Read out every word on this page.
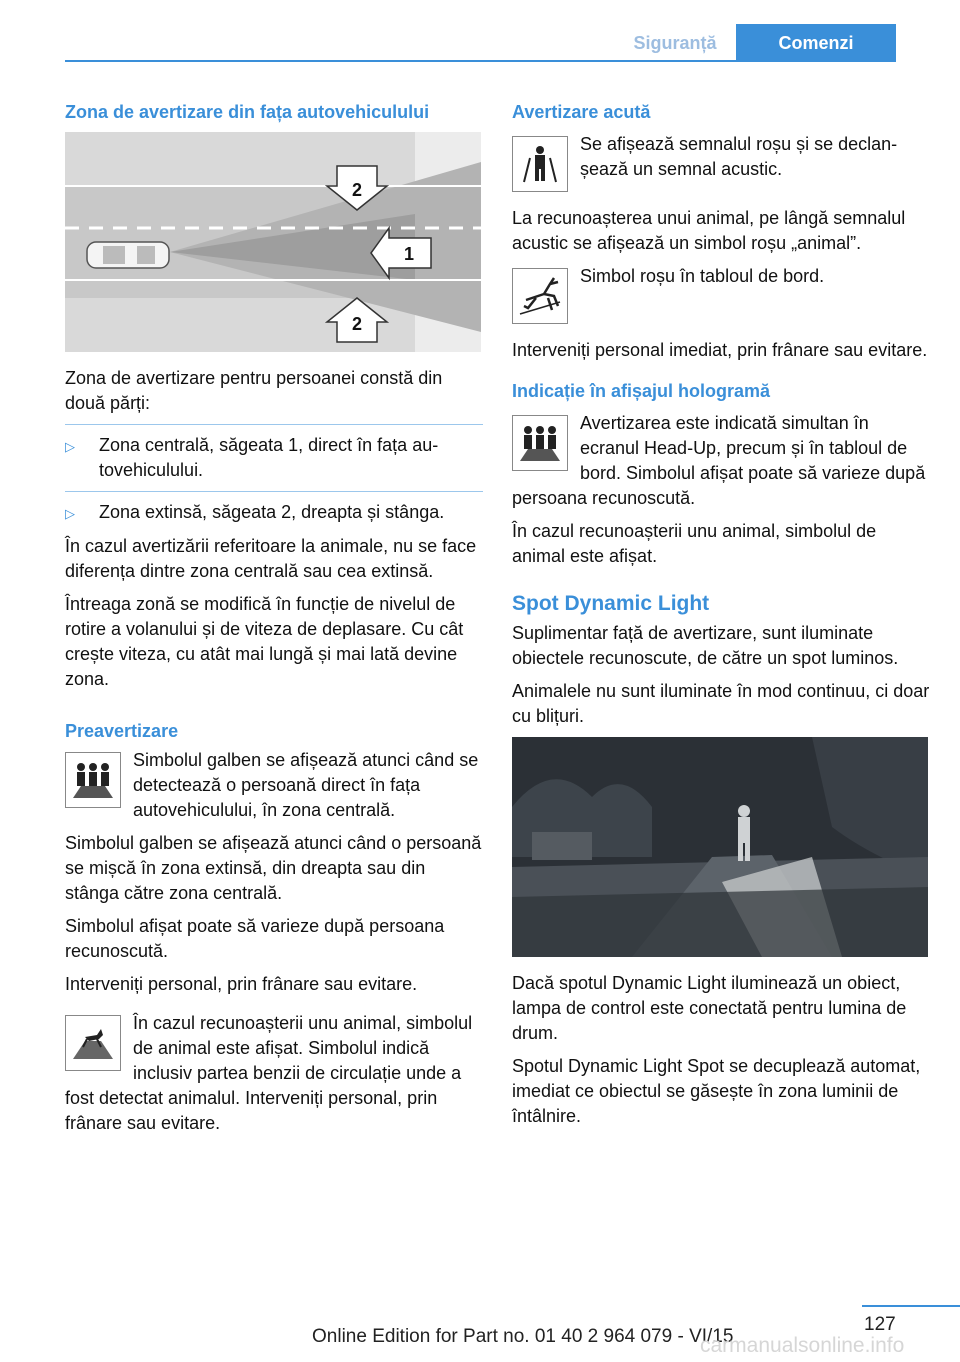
Siguranță	Comenzi
Zona de avertizare din fața autovehiculului
2
1
2

Zona de avertizare pentru persoanei constă din două părți:

▷	Zona centrală, săgeata 1, direct în fața autovehiculului.
▷	Zona extinsă, săgeata 2, dreapta și stânga.

În cazul avertizării referitoare la animale, nu se face diferența dintre zona centrală sau cea extinsă.

Întreaga zonă se modifică în funcție de nivelul de rotire a volanului și de viteza de deplasare. Cu cât crește viteza, cu atât mai lungă și mai lată devine zona.

Preavertizare

Simbolul galben se afișează atunci când se detectează o persoană direct în fața autovehiculului, în zona centrală.

Simbolul galben se afișează atunci când o persoană se mișcă în zona extinsă, din dreapta sau din stânga către zona centrală.

Simbolul afișat poate să varieze după persoana recunoscută.

Interveniți personal, prin frânare sau evitare.

În cazul recunoașterii unu animal, simbolul de animal este afișat. Simbolul indică inclusiv partea benzii de circulație unde a fost detectat animalul. Interveniți personal, prin frânare sau evitare.

Avertizare acută

Se afișează semnalul roșu și se declanșează un semnal acustic.

La recunoașterea unui animal, pe lângă semnalul acustic se afișează un simbol roșu „animal”.

Simbol roșu în tabloul de bord.

Interveniți personal imediat, prin frânare sau evitare.

Indicație în afișajul hologramă

Avertizarea este indicată simultan în ecranul Head-Up, precum și în tabloul de bord. Simbolul afișat poate să varieze după persoana recunoscută.

În cazul recunoașterii unu animal, simbolul de animal este afișat.

Spot Dynamic Light

Suplimentar față de avertizare, sunt iluminate obiectele recunoscute, de către un spot luminos.

Animalele nu sunt iluminate în mod continuu, ci doar cu blițuri.

Dacă spotul Dynamic Light iluminează un obiect, lampa de control este conectată pentru lumina de drum.

Spotul Dynamic Light Spot se decuplează automat, imediat ce obiectul se găsește în zona luminii de întâlnire.

127
Online Edition for Part no. 01 40 2 964 079 - VI/15
carmanualsonline.info
